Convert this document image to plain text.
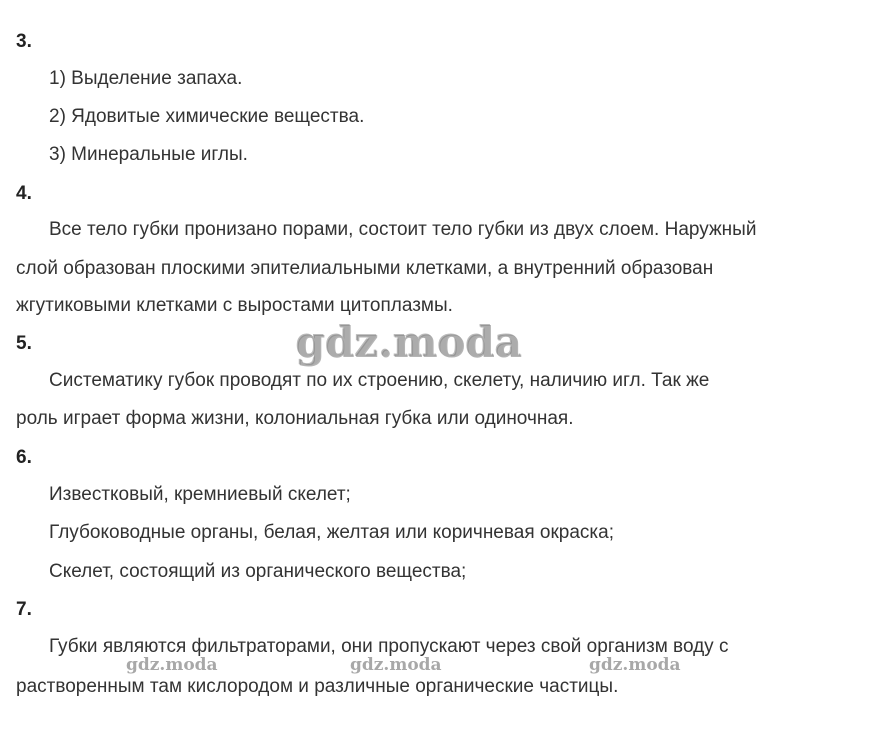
3.
1) Выделение запаха.
2) Ядовитые химические вещества.
3) Минеральные иглы.
4.
Все тело губки пронизано порами, состоит тело губки из двух слоем. Наружный
слой образован плоскими эпителиальными клетками, а внутренний образован
жгутиковыми клетками с выростами цитоплазмы.
5.
Систематику губок проводят по их строению, скелету, наличию игл. Так же
роль играет форма жизни, колониальная губка или одиночная.
6.
Известковый, кремниевый скелет;
Глубоководные органы, белая, желтая или коричневая окраска;
Скелет, состоящий из органического вещества;
7.
Губки являются фильтраторами, они пропускают через свой организм воду с
растворенным там кислородом и различные органические частицы.
gdz.moda
gdz.moda	gdz.moda	gdz.moda
